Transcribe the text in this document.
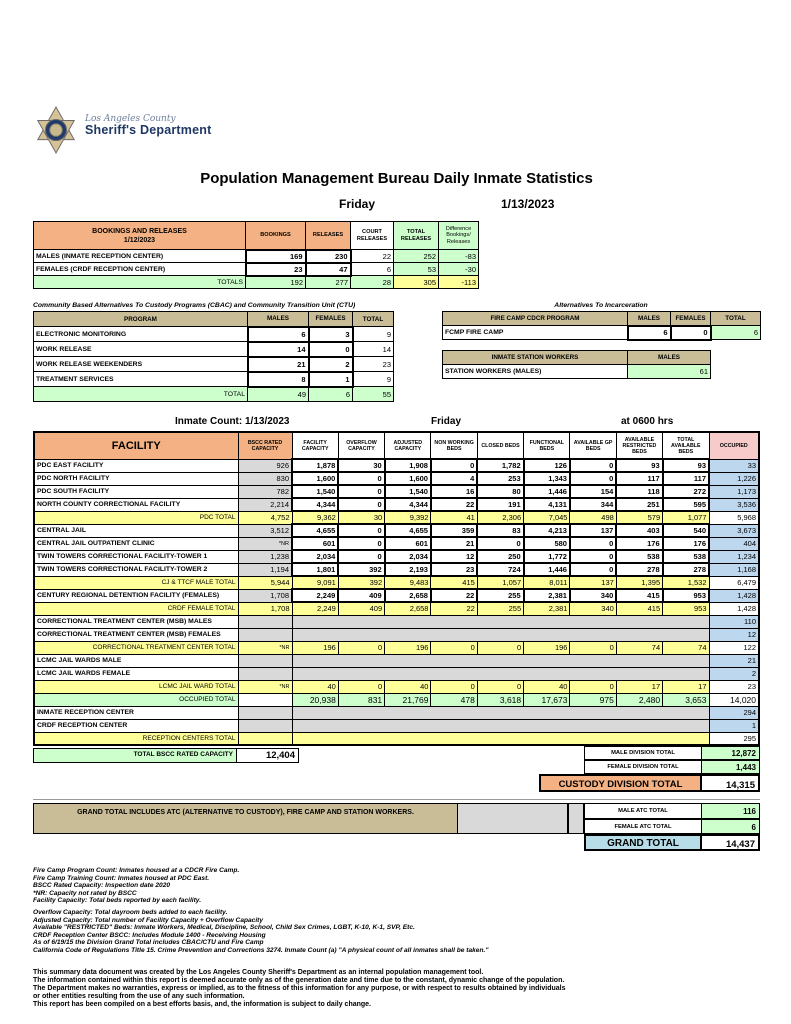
Los Angeles County
Sheriff's Department
Population Management Bureau Daily Inmate Statistics
Friday	1/13/2023
BOOKINGS AND RELEASES
1/12/2023	BOOKINGS	RELEASES	COURT RELEASES	TOTAL RELEASES	Difference Bookings/ Releases
MALES (INMATE RECEPTION CENTER)	169	230	22	252	-83
FEMALES (CRDF RECEPTION CENTER)	23	47	6	53	-30
TOTALS	192	277	28	305	-113
Community Based Alternatives To Custody Programs (CBAC) and Community Transition Unit (CTU)
PROGRAM	MALES	FEMALES	TOTAL
ELECTRONIC MONITORING	6	3	9
WORK RELEASE	14	0	14
WORK RELEASE WEEKENDERS	21	2	23
TREATMENT SERVICES	8	1	9
TOTAL	49	6	55
Alternatives To Incarceration
FIRE CAMP CDCR PROGRAM	MALES	FEMALES	TOTAL
FCMP FIRE CAMP	6	0	6
INMATE STATION WORKERS	MALES
STATION WORKERS (MALES)	61
Inmate Count: 1/13/2023	Friday	at 0600 hrs
FACILITY	BSCC RATED CAPACITY	FACILITY CAPACITY	OVERFLOW CAPACITY	ADJUSTED CAPACITY	NON WORKING BEDS	CLOSED BEDS	FUNCTIONAL BEDS	AVAILABLE GP BEDS	AVAILABLE RESTRICTED BEDS	TOTAL AVAILABLE BEDS	OCCUPIED
PDC EAST FACILITY	926	1,878	30	1,908	0	1,782	126	0	93	93	33
PDC NORTH FACILITY	830	1,600	0	1,600	4	253	1,343	0	117	117	1,226
PDC SOUTH FACILITY	782	1,540	0	1,540	16	80	1,446	154	118	272	1,173
NORTH COUNTY CORRECTIONAL FACILITY	2,214	4,344	0	4,344	22	191	4,131	344	251	595	3,536
PDC TOTAL	4,752	9,362	30	9,392	41	2,306	7,045	498	579	1,077	5,968
CENTRAL JAIL	3,512	4,655	0	4,655	359	83	4,213	137	403	540	3,673
CENTRAL JAIL OUTPATIENT CLINIC	*NR	601	0	601	21	0	580	0	176	176	404
TWIN TOWERS CORRECTIONAL FACILITY-TOWER 1	1,238	2,034	0	2,034	12	250	1,772	0	538	538	1,234
TWIN TOWERS CORRECTIONAL FACILITY-TOWER 2	1,194	1,801	392	2,193	23	724	1,446	0	278	278	1,168
CJ & TTCF MALE TOTAL	5,944	9,091	392	9,483	415	1,057	8,011	137	1,395	1,532	6,479
CENTURY REGIONAL DETENTION FACILITY (FEMALES)	1,708	2,249	409	2,658	22	255	2,381	340	415	953	1,428
CRDF FEMALE TOTAL	1,708	2,249	409	2,658	22	255	2,381	340	415	953	1,428
CORRECTIONAL TREATMENT CENTER (MSB) MALES											110
CORRECTIONAL TREATMENT CENTER (MSB) FEMALES											12
CORRECTIONAL TREATMENT CENTER TOTAL	*NR	196	0	196	0	0	196	0	74	74	122
LCMC JAIL WARDS MALE											21
LCMC JAIL WARDS FEMALE											2
LCMC JAIL WARD TOTAL	*NR	40	0	40	0	0	40	0	17	17	23
OCCUPIED TOTAL		20,938	831	21,769	478	3,618	17,673	975	2,480	3,653	14,020
INMATE RECEPTION CENTER											294
CRDF RECEPTION CENTER											1
RECEPTION CENTERS TOTAL											295
TOTAL BSCC RATED CAPACITY	12,404	MALE DIVISION TOTAL	12,872
FEMALE DIVISION TOTAL	1,443
CUSTODY DIVISION TOTAL	14,315
GRAND TOTAL INCLUDES ATC (ALTERNATIVE TO CUSTODY), FIRE CAMP AND STATION WORKERS.	MALE ATC TOTAL	116
FEMALE ATC TOTAL	6
GRAND TOTAL	14,437
Fire Camp Program Count: Inmates housed at a CDCR Fire Camp.
Fire Camp Training Count: Inmates housed at PDC East.
BSCC Rated Capacity: Inspection date 2020
*NR: Capacity not rated by BSCC
Facility Capacity: Total beds reported by each facility.
Overflow Capacity: Total dayroom beds added to each facility.
Adjusted Capacity: Total number of Facility Capacity + Overflow Capacity
Available "RESTRICTED" Beds: Inmate Workers, Medical, Discipline, School, Child Sex Crimes, LGBT, K-10, K-1, SVP, Etc.
CRDF Reception Center BSCC: Includes Module 1400 - Receiving Housing
As of 6/19/15 the Division Grand Total includes CBAC/CTU and Fire Camp
California Code of Regulations Title 15. Crime Prevention and Corrections 3274. Inmate Count (a) "A physical count of all inmates shall be taken."
This summary data document was created by the Los Angeles County Sheriff's Department as an internal population management tool.
The information contained within this report is deemed accurate only as of the generation date and time due to the constant, dynamic change of the population.
The Department makes no warranties, express or implied, as to the fitness of this information for any purpose, or with respect to results obtained by individuals
or other entities resulting from the use of any such information.
This report has been compiled on a best efforts basis, and, the information is subject to daily change.
